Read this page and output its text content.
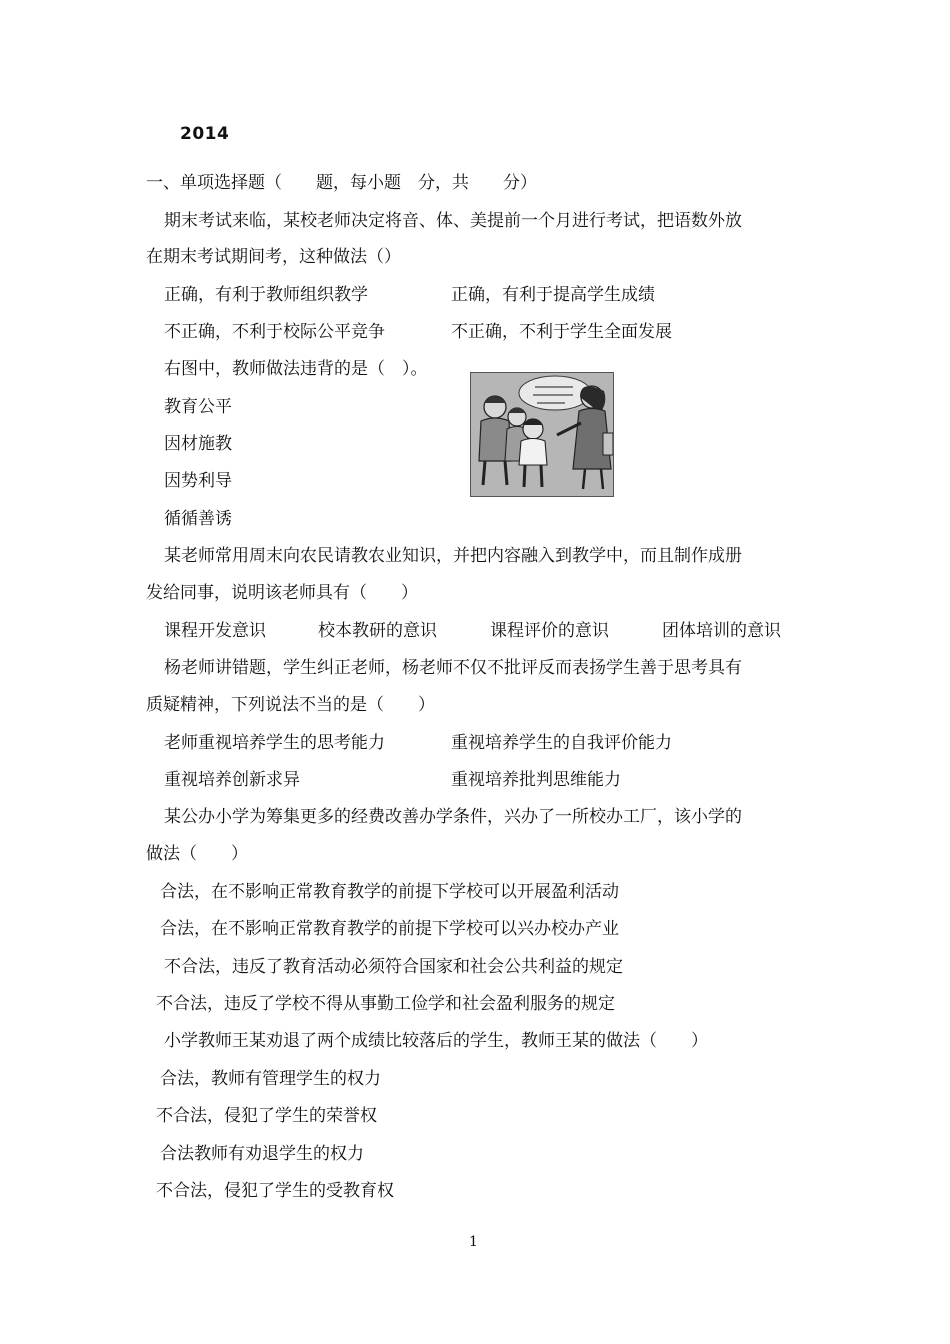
2014
一、单项选择题（　　题，每小题　分，共　　分）
期末考试来临，某校老师决定将音、体、美提前一个月进行考试，把语数外放
在期末考试期间考，这种做法（）
正确，有利于教师组织教学	正确，有利于提高学生成绩
不正确，不利于校际公平竞争	不正确，不利于学生全面发展
右图中，教师做法违背的是（　）。
教育公平
因材施教
因势利导
循循善诱
某老师常用周末向农民请教农业知识，并把内容融入到教学中，而且制作成册
发给同事，说明该老师具有（　　）
课程开发意识	校本教研的意识	课程评价的意识	团体培训的意识
杨老师讲错题，学生纠正老师，杨老师不仅不批评反而表扬学生善于思考具有
质疑精神，下列说法不当的是（　　）
老师重视培养学生的思考能力	重视培养学生的自我评价能力
重视培养创新求异	重视培养批判思维能力
某公办小学为筹集更多的经费改善办学条件，兴办了一所校办工厂，该小学的
做法（　　）
合法，在不影响正常教育教学的前提下学校可以开展盈利活动
合法，在不影响正常教育教学的前提下学校可以兴办校办产业
不合法，违反了教育活动必须符合国家和社会公共利益的规定
不合法，违反了学校不得从事勤工俭学和社会盈利服务的规定
小学教师王某劝退了两个成绩比较落后的学生，教师王某的做法（　　）
合法，教师有管理学生的权力
不合法，侵犯了学生的荣誉权
合法教师有劝退学生的权力
不合法，侵犯了学生的受教育权
1
